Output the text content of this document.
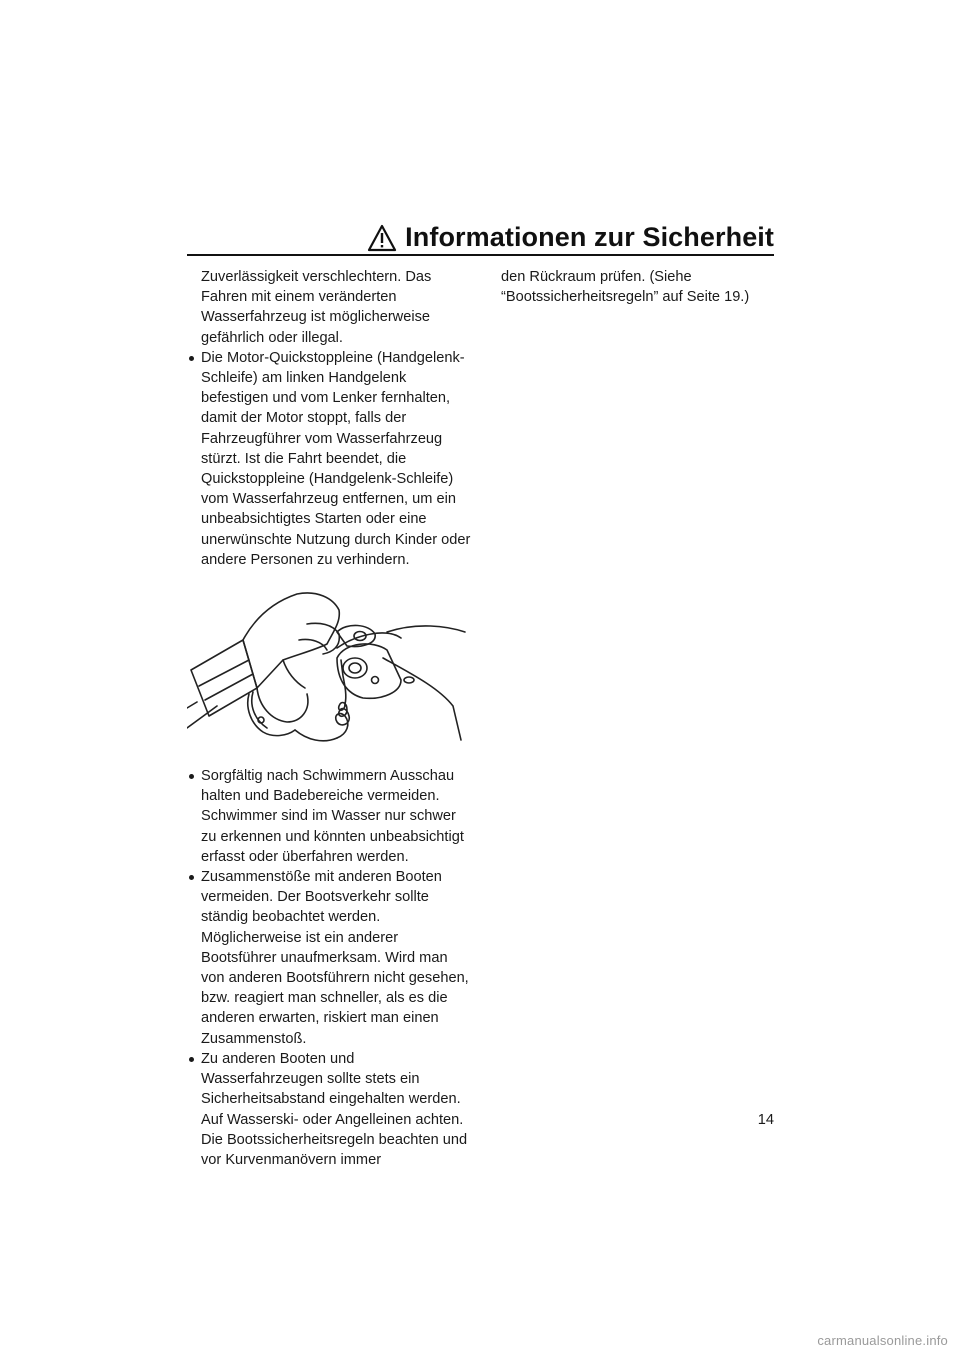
Informationen zur Sicherheit

Zuverlässigkeit verschlechtern. Das Fahren mit einem veränderten Wasserfahrzeug ist möglicherweise gefährlich oder illegal.

Die Motor-Quickstoppleine (Handgelenk-Schleife) am linken Handgelenk befestigen und vom Lenker fernhalten, damit der Motor stoppt, falls der Fahrzeugführer vom Wasserfahrzeug stürzt. Ist die Fahrt beendet, die Quickstoppleine (Handgelenk-Schleife) vom Wasserfahrzeug entfernen, um ein unbeabsichtigtes Starten oder eine unerwünschte Nutzung durch Kinder oder andere Personen zu verhindern.

Sorgfältig nach Schwimmern Ausschau halten und Badebereiche vermeiden. Schwimmer sind im Wasser nur schwer zu erkennen und könnten unbeabsichtigt erfasst oder überfahren werden.

Zusammenstöße mit anderen Booten vermeiden. Der Bootsverkehr sollte ständig beobachtet werden. Möglicherweise ist ein anderer Bootsführer unaufmerksam. Wird man von anderen Bootsführern nicht gesehen, bzw. reagiert man schneller, als es die anderen erwarten, riskiert man einen Zusammenstoß.

Zu anderen Booten und Wasserfahrzeugen sollte stets ein Sicherheitsabstand eingehalten werden. Auf Wasserski- oder Angelleinen achten. Die Bootssicherheitsregeln beachten und vor Kurvenmanövern immer

den Rückraum prüfen. (Siehe “Bootssicherheitsregeln” auf Seite 19.)

14
carmanualsonline.info
